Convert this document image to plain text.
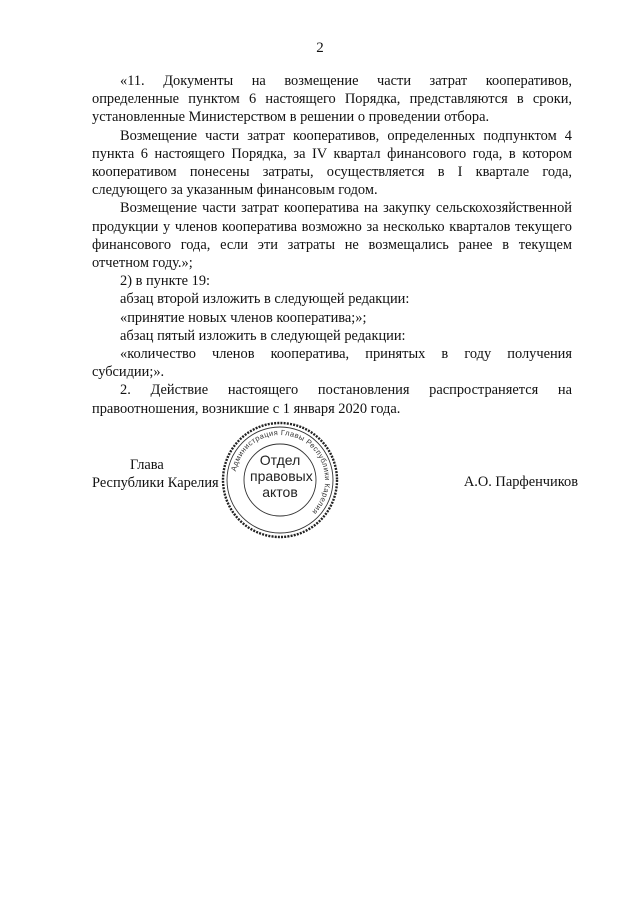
2

«11. Документы на возмещение части затрат кооперативов, определенные пунктом 6 настоящего Порядка, представляются в сроки, установленные Министерством в решении о проведении отбора.

Возмещение части затрат кооперативов, определенных подпунктом 4 пункта 6 настоящего Порядка, за IV квартал финансового года, в котором кооперативом понесены затраты, осуществляется в I квартале года, следующего за указанным финансовым годом.

Возмещение части затрат кооператива на закупку сельскохозяйственной продукции у членов кооператива возможно за несколько кварталов текущего финансового года, если эти затраты не возмещались ранее в текущем отчетном году.»;

2) в пункте 19:

абзац второй изложить в следующей редакции:

«принятие новых членов кооператива;»;

абзац пятый изложить в следующей редакции:

«количество членов кооператива, принятых в году получения субсидии;».

2. Действие настоящего постановления распространяется на правоотношения, возникшие с 1 января 2020 года.

Глава
Республики Карелия
Администрация Главы Республики Карелия
Отдел
правовых
актов
А.О. Парфенчиков
